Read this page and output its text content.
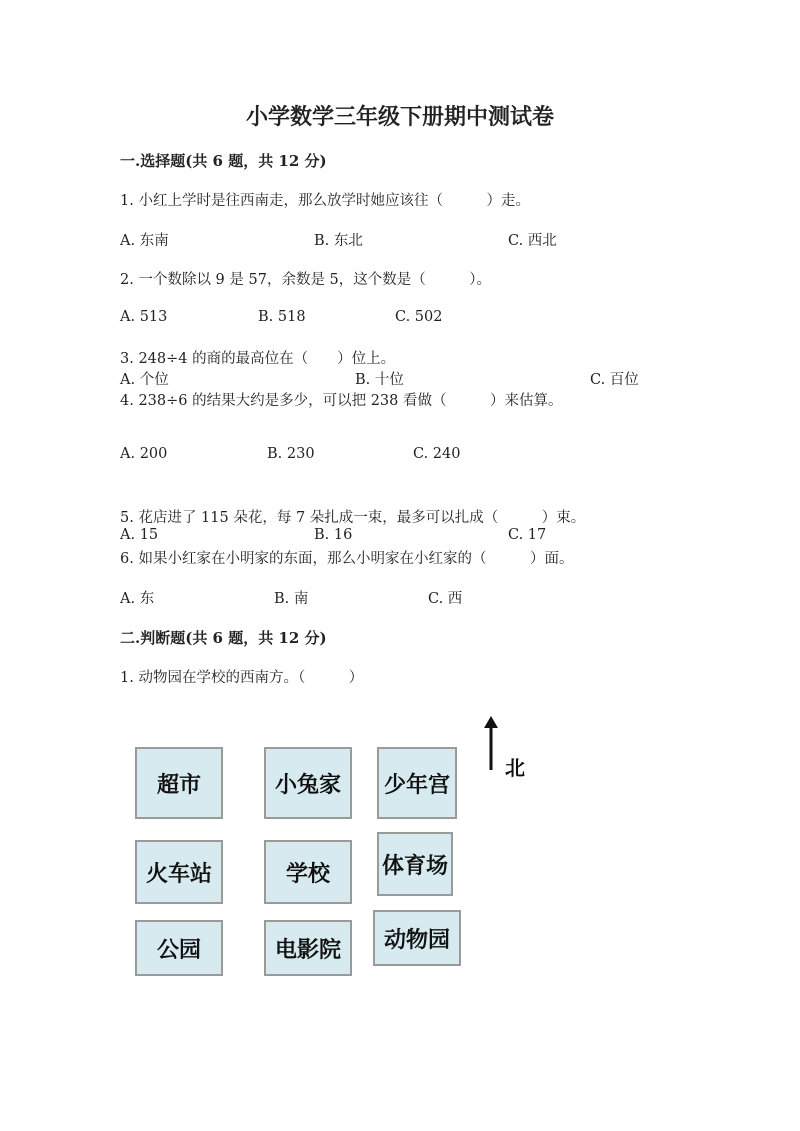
小学数学三年级下册期中测试卷
一.选择题(共 6 题，共 12 分)
1. 小红上学时是往西南走，那么放学时她应该往（　　　）走。
A. 东南	B. 东北	C. 西北
2. 一个数除以 9 是 57，余数是 5，这个数是（　　　）。
A. 513	B. 518	C. 502
3. 248÷4 的商的最高位在（　　）位上。
A. 个位	B. 十位	C. 百位
4. 238÷6 的结果大约是多少，可以把 238 看做（　　　）来估算。
A. 200	B. 230	C. 240
5. 花店进了 115 朵花，每 7 朵扎成一束，最多可以扎成（　　　）束。
A. 15	B. 16	C. 17
6. 如果小红家在小明家的东面，那么小明家在小红家的（　　　）面。
A. 东	B. 南	C. 西
二.判断题(共 6 题，共 12 分)
1. 动物园在学校的西南方。（　　　）
超市	小兔家	少年宫
火车站	学校	体育场
公园	电影院	动物园
北
